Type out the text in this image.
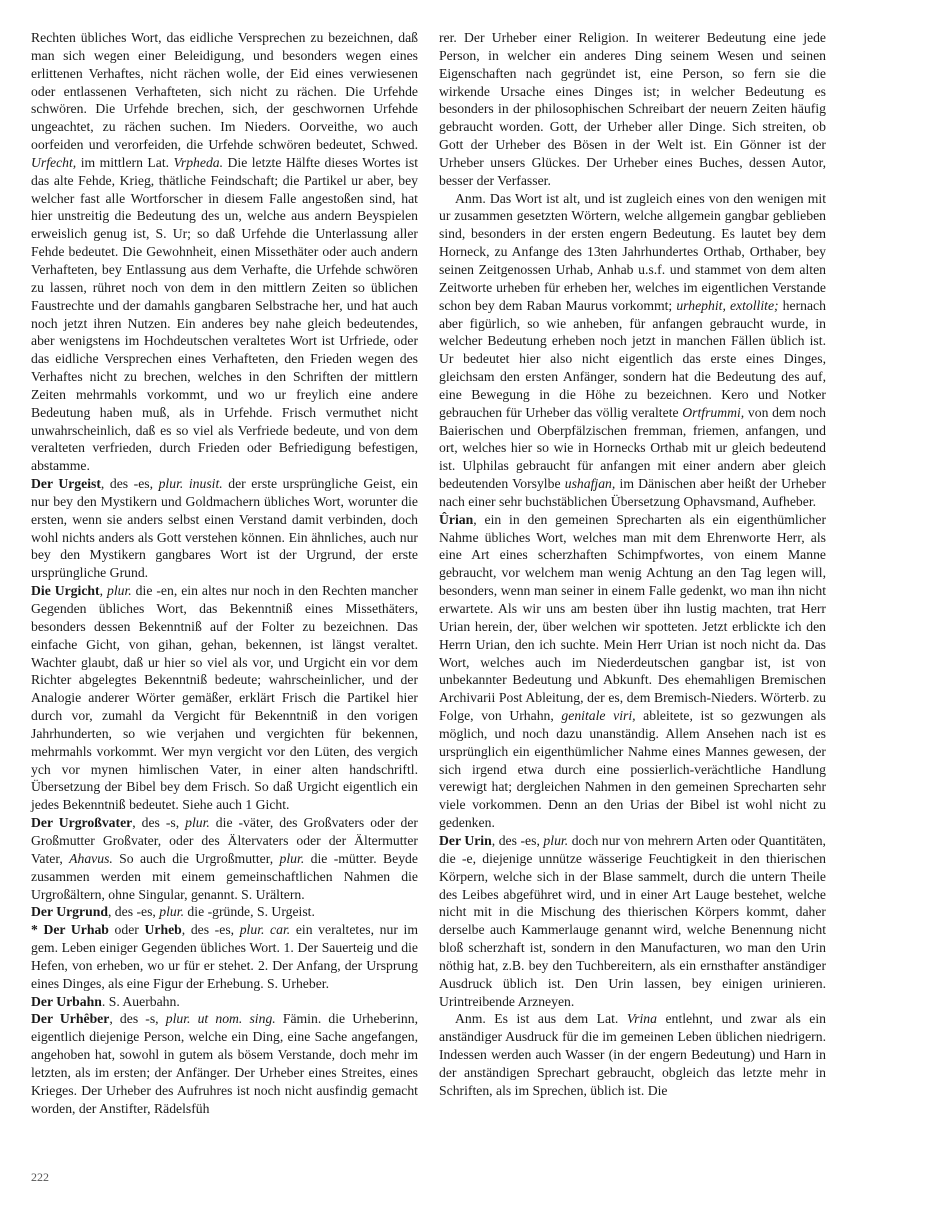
Rechten übliches Wort, das eidliche Versprechen zu bezeichnen, daß man sich wegen einer Beleidigung, und besonders wegen eines erlittenen Verhaftes, nicht rächen wolle, der Eid eines verwiesenen oder entlassenen Verhafteten, sich nicht zu rächen. Die Urfehde schwören. Die Urfehde brechen, sich, der geschwornen Urfehde ungeachtet, zu rächen suchen. Im Nieders. Oorveithe, wo auch oorfeiden und verorfeiden, die Urfehde schwören bedeutet, Schwed. Urfecht, im mittlern Lat. Vrpheda. Die letzte Hälfte dieses Wortes ist das alte Fehde, Krieg, thätliche Feindschaft; die Partikel ur aber, bey welcher fast alle Wortforscher in diesem Falle angestoßen sind, hat hier unstreitig die Bedeutung des un, welche aus andern Beyspielen erweislich genug ist, S. Ur; so daß Urfehde die Unterlassung aller Fehde bedeutet. Die Gewohnheit, einen Missethäter oder auch andern Verhafteten, bey Entlassung aus dem Verhafte, die Urfehde schwören zu lassen, rühret noch von dem in den mittlern Zeiten so üblichen Faustrechte und der damahls gangbaren Selbstrache her, und hat auch noch jetzt ihren Nutzen. Ein anderes bey nahe gleich bedeutendes, aber wenigstens im Hochdeutschen veraltetes Wort ist Urfriede, oder das eidliche Versprechen eines Verhafteten, den Frieden wegen des Verhaftes nicht zu brechen, welches in den Schriften der mittlern Zeiten mehrmahls vorkommt, und wo ur freylich eine andere Bedeutung haben muß, als in Urfehde. Frisch vermuthet nicht unwahrscheinlich, daß es so viel als Verfriede bedeute, und von dem veralteten verfrieden, durch Frieden oder Befriedigung befestigen, abstamme.

Der Urgeist, des -es, plur. inusit. der erste ursprüngliche Geist, ein nur bey den Mystikern und Goldmachern übliches Wort, worunter die ersten, wenn sie anders selbst einen Verstand damit verbinden, doch wohl nichts anders als Gott verstehen können. Ein ähnliches, auch nur bey den Mystikern gangbares Wort ist der Urgrund, der erste ursprüngliche Grund.

Die Urgicht, plur. die -en, ein altes nur noch in den Rechten mancher Gegenden übliches Wort, das Bekenntniß eines Missethäters, besonders dessen Bekenntniß auf der Folter zu bezeichnen. Das einfache Gicht, von gihan, gehan, bekennen, ist längst veraltet. Wachter glaubt, daß ur hier so viel als vor, und Urgicht ein vor dem Richter abgelegtes Bekenntniß bedeute; wahrscheinlicher, und der Analogie anderer Wörter gemäßer, erklärt Frisch die Partikel hier durch vor, zumahl da Vergicht für Bekenntniß in den vorigen Jahrhunderten, so wie verjahen und vergichten für bekennen, mehrmahls vorkommt. Wer myn vergicht vor den Lüten, des vergich ych vor mynen himlischen Vater, in einer alten handschriftl. Übersetzung der Bibel bey dem Frisch. So daß Urgicht eigentlich ein jedes Bekenntniß bedeutet. Siehe auch 1 Gicht.

Der Urgroßvater, des -s, plur. die -väter, des Großvaters oder der Großmutter Großvater, oder des Ältervaters oder der Ältermutter Vater, Ahavus. So auch die Urgroßmutter, plur. die -mütter. Beyde zusammen werden mit einem gemeinschaftlichen Nahmen die Urgroßältern, ohne Singular, genannt. S. Urältern.

Der Urgrund, des -es, plur. die -gründe, S. Urgeist.

* Der Urhab oder Urheb, des -es, plur. car. ein veraltetes, nur im gem. Leben einiger Gegenden übliches Wort. 1. Der Sauerteig und die Hefen, von erheben, wo ur für er stehet. 2. Der Anfang, der Ursprung eines Dinges, als eine Figur der Erhebung. S. Urheber.

Der Urbahn. S. Auerbahn.

Der Urhêber, des -s, plur. ut nom. sing. Fämin. die Urheberinn, eigentlich diejenige Person, welche ein Ding, eine Sache angefangen, angehoben hat, sowohl in gutem als bösem Verstande, doch mehr im letzten, als im ersten; der Anfänger. Der Urheber eines Streites, eines Krieges. Der Urheber des Aufruhres ist noch nicht ausfindig gemacht worden, der Anstifter, Rädelsfüh

rer. Der Urheber einer Religion. In weiterer Bedeutung eine jede Person, in welcher ein anderes Ding seinem Wesen und seinen Eigenschaften nach gegründet ist, eine Person, so fern sie die wirkende Ursache eines Dinges ist; in welcher Bedeutung es besonders in der philosophischen Schreibart der neuern Zeiten häufig gebraucht worden. Gott, der Urheber aller Dinge. Sich streiten, ob Gott der Urheber des Bösen in der Welt ist. Ein Gönner ist der Urheber unsers Glückes. Der Urheber eines Buches, dessen Autor, besser der Verfasser.

Anm. Das Wort ist alt, und ist zugleich eines von den wenigen mit ur zusammen gesetzten Wörtern, welche allgemein gangbar geblieben sind, besonders in der ersten engern Bedeutung. Es lautet bey dem Horneck, zu Anfange des 13ten Jahrhundertes Orthab, Orthaber, bey seinen Zeitgenossen Urhab, Anhab u.s.f. und stammet von dem alten Zeitworte urheben für erheben her, welches im eigentlichen Verstande schon bey dem Raban Maurus vorkommt; urhephit, extollite; hernach aber figürlich, so wie anheben, für anfangen gebraucht wurde, in welcher Bedeutung erheben noch jetzt in manchen Fällen üblich ist. Ur bedeutet hier also nicht eigentlich das erste eines Dinges, gleichsam den ersten Anfänger, sondern hat die Bedeutung des auf, eine Bewegung in die Höhe zu bezeichnen. Kero und Notker gebrauchen für Urheber das völlig veraltete Ortfrummi, von dem noch Baierischen und Oberpfälzischen fremman, friemen, anfangen, und ort, welches hier so wie in Hornecks Orthab mit ur gleich bedeutend ist. Ulphilas gebraucht für anfangen mit einer andern aber gleich bedeutenden Vorsylbe ushafjan, im Dänischen aber heißt der Urheber nach einer sehr buchstäblichen Übersetzung Ophavsmand, Aufheber.

Ûrian, ein in den gemeinen Sprecharten als ein eigenthümlicher Nahme übliches Wort, welches man mit dem Ehrenworte Herr, als eine Art eines scherzhaften Schimpfwortes, von einem Manne gebraucht, vor welchem man wenig Achtung an den Tag legen will, besonders, wenn man seiner in einem Falle gedenkt, wo man ihn nicht erwartete. Als wir uns am besten über ihn lustig machten, trat Herr Urian herein, der, über welchen wir spotteten. Jetzt erblickte ich den Herrn Urian, den ich suchte. Mein Herr Urian ist noch nicht da. Das Wort, welches auch im Niederdeutschen gangbar ist, ist von unbekannter Bedeutung und Abkunft. Des ehemahligen Bremischen Archivarii Post Ableitung, der es, dem Bremisch-Nieders. Wörterb. zu Folge, von Urhahn, genitale viri, ableitete, ist so gezwungen als möglich, und noch dazu unanständig. Allem Ansehen nach ist es ursprünglich ein eigenthümlicher Nahme eines Mannes gewesen, der sich irgend etwa durch eine possierlich-verächtliche Handlung verewigt hat; dergleichen Nahmen in den gemeinen Sprecharten sehr viele vorkommen. Denn an den Urias der Bibel ist wohl nicht zu gedenken.

Der Urin, des -es, plur. doch nur von mehrern Arten oder Quantitäten, die -e, diejenige unnütze wässerige Feuchtigkeit in den thierischen Körpern, welche sich in der Blase sammelt, durch die untern Theile des Leibes abgeführet wird, und in einer Art Lauge bestehet, welche nicht mit in die Mischung des thierischen Körpers kommt, daher derselbe auch Kammerlauge genannt wird, welche Benennung nicht bloß scherzhaft ist, sondern in den Manufacturen, wo man den Urin nöthig hat, z.B. bey den Tuchbereitern, als ein ernsthafter anständiger Ausdruck üblich ist. Den Urin lassen, bey einigen urinieren. Urintreibende Arzneyen.

Anm. Es ist aus dem Lat. Vrina entlehnt, und zwar als ein anständiger Ausdruck für die im gemeinen Leben üblichen niedrigern. Indessen werden auch Wasser (in der engern Bedeutung) und Harn in der anständigen Sprechart gebraucht, obgleich das letzte mehr in Schriften, als im Sprechen, üblich ist. Die

222
